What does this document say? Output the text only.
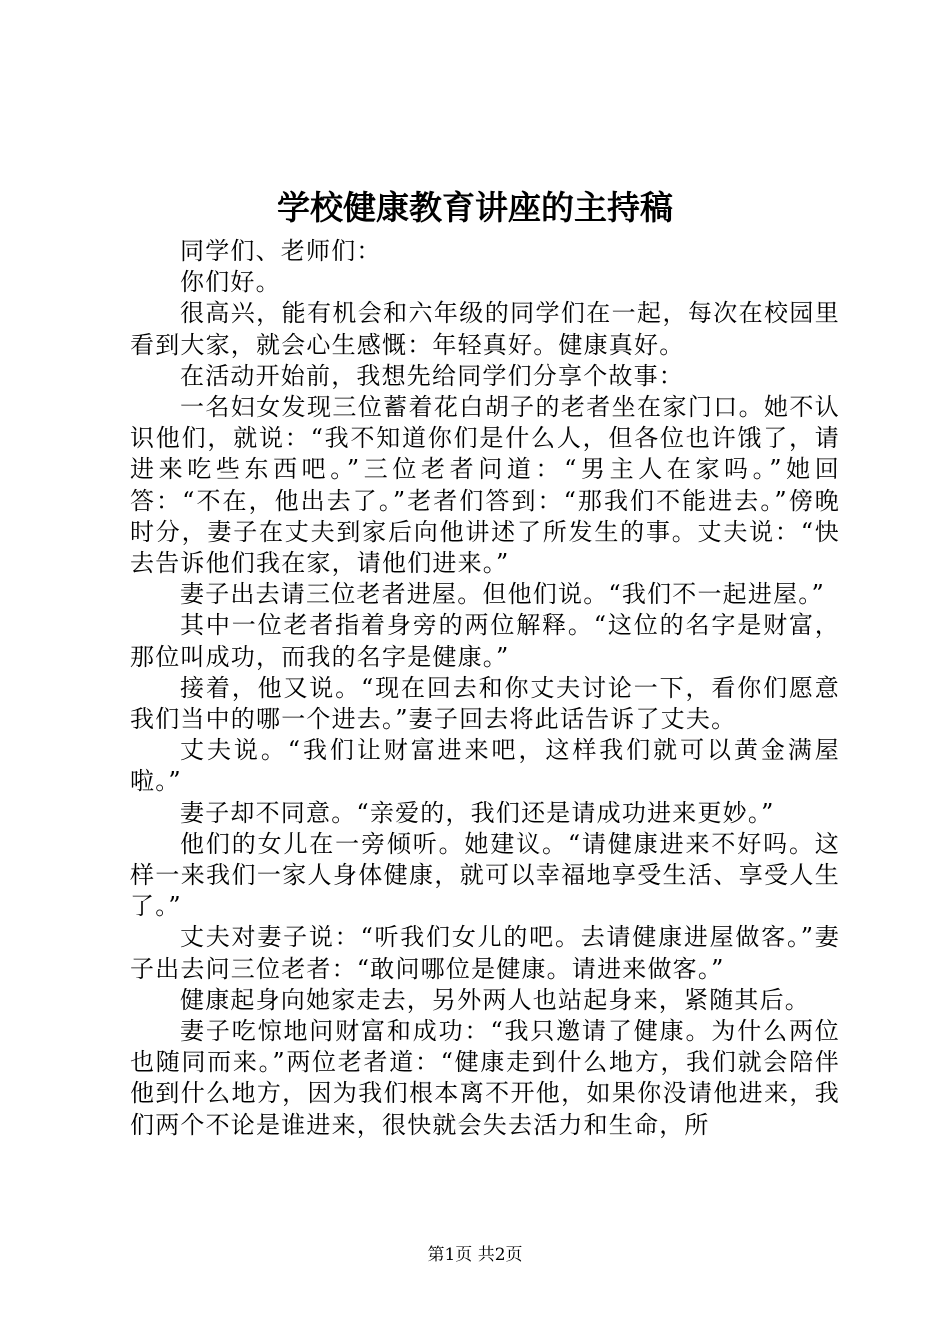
学校健康教育讲座的主持稿

同学们、老师们：

你们好。

很高兴，能有机会和六年级的同学们在一起，每次在校园里看到大家，就会心生感慨：年轻真好。健康真好。

在活动开始前，我想先给同学们分享个故事：

一名妇女发现三位蓄着花白胡子的老者坐在家门口。她不认识他们，就说：“我不知道你们是什么人，但各位也许饿了，请进来吃些东西吧。”三位老者问道：“男主人在家吗。”她回答：“不在，他出去了。”老者们答到：“那我们不能进去。”傍晚时分，妻子在丈夫到家后向他讲述了所发生的事。丈夫说：“快去告诉他们我在家，请他们进来。”

妻子出去请三位老者进屋。但他们说。“我们不一起进屋。”

其中一位老者指着身旁的两位解释。“这位的名字是财富，那位叫成功，而我的名字是健康。”

接着，他又说。“现在回去和你丈夫讨论一下，看你们愿意我们当中的哪一个进去。”妻子回去将此话告诉了丈夫。

丈夫说。“我们让财富进来吧，这样我们就可以黄金满屋啦。”

妻子却不同意。“亲爱的，我们还是请成功进来更妙。”

他们的女儿在一旁倾听。她建议。“请健康进来不好吗。这样一来我们一家人身体健康，就可以幸福地享受生活、享受人生了。”

丈夫对妻子说：“听我们女儿的吧。去请健康进屋做客。”妻子出去问三位老者：“敢问哪位是健康。请进来做客。”

健康起身向她家走去，另外两人也站起身来，紧随其后。

妻子吃惊地问财富和成功：“我只邀请了健康。为什么两位也随同而来。”两位老者道：“健康走到什么地方，我们就会陪伴他到什么地方，因为我们根本离不开他，如果你没请他进来，我们两个不论是谁进来，很快就会失去活力和生命，所

第1页 共2页
